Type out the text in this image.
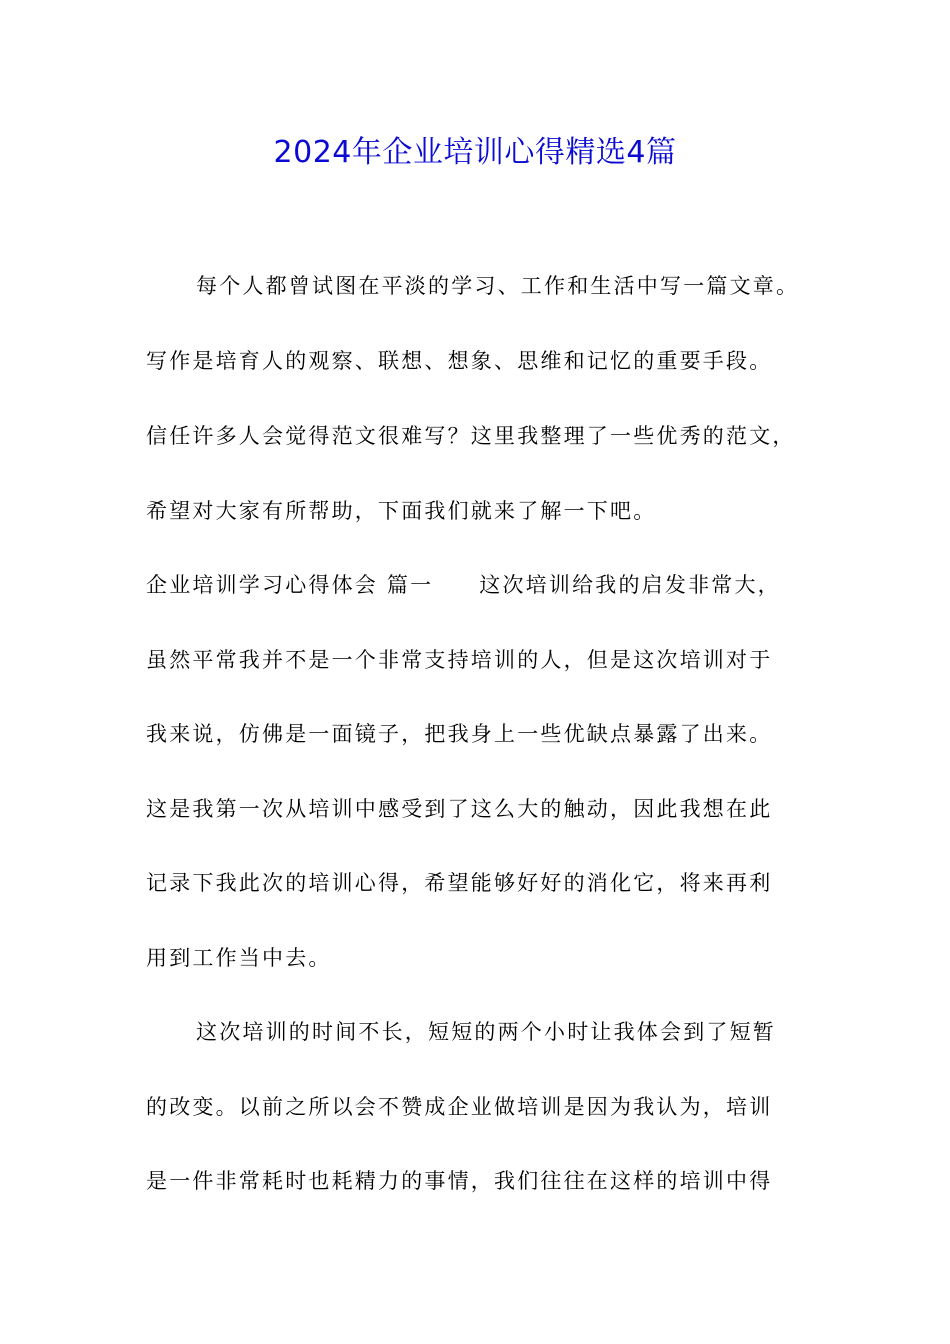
2024年企业培训心得精选4篇
每个人都曾试图在平淡的学习、工作和生活中写一篇文章。
写作是培育人的观察、联想、想象、思维和记忆的重要手段。
信任许多人会觉得范文很难写？这里我整理了一些优秀的范文，
希望对大家有所帮助，下面我们就来了解一下吧。
企业培训学习心得体会 篇一 这次培训给我的启发非常大，
虽然平常我并不是一个非常支持培训的人，但是这次培训对于
我来说，仿佛是一面镜子，把我身上一些优缺点暴露了出来。
这是我第一次从培训中感受到了这么大的触动，因此我想在此
记录下我此次的培训心得，希望能够好好的消化它，将来再利
用到工作当中去。
这次培训的时间不长，短短的两个小时让我体会到了短暂
的改变。以前之所以会不赞成企业做培训是因为我认为，培训
是一件非常耗时也耗精力的事情，我们往往在这样的培训中得
